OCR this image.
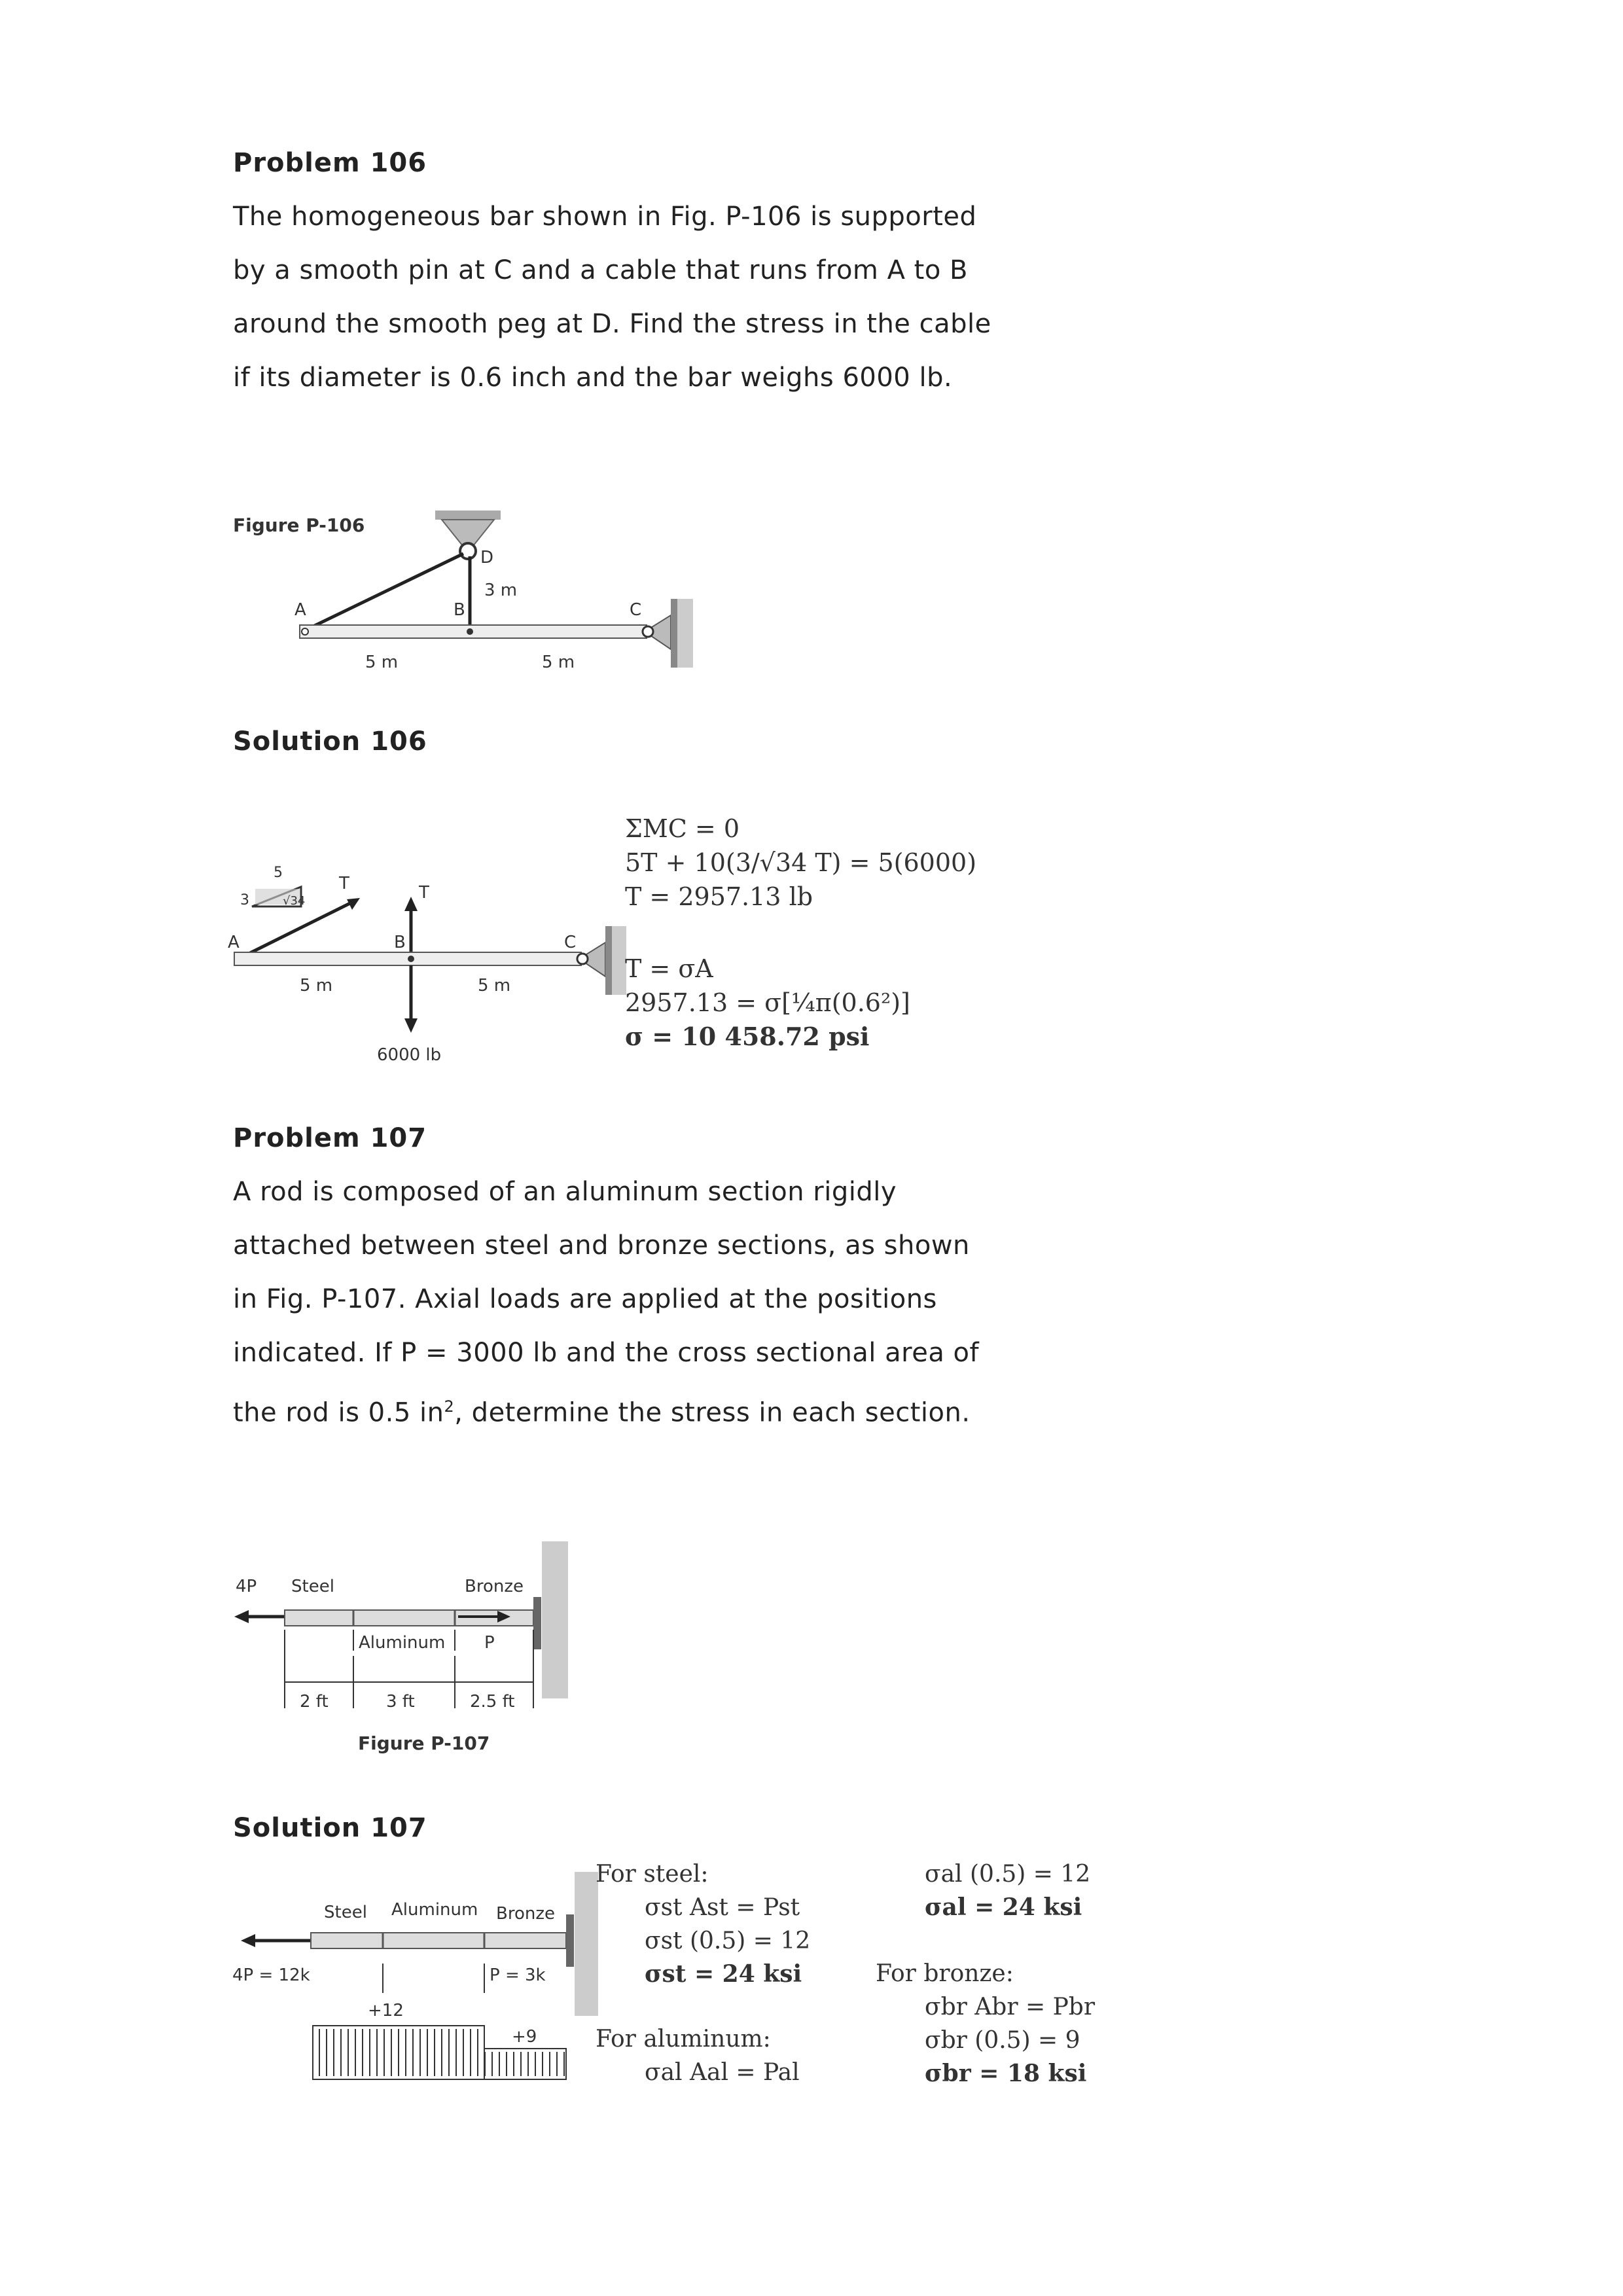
Problem 106
The homogeneous bar shown in Fig. P-106 is supported by a smooth pin at C and a cable that runs from A to B around the smooth peg at D. Find the stress in the cable if its diameter is 0.6 inch and the bar weighs 6000 lb.
Figure P-106
A	B	C
D
3 m
5 m	5 m
Solution 106
5
3	√34
T	T
A	B	C
5 m	5 m
6000 lb
ΣMC = 0
5T + 10(3/√34 T) = 5(6000)
T = 2957.13 lb
T = σA
2957.13 = σ[¼π(0.6²)]
σ = 10 458.72 psi
Problem 107
A rod is composed of an aluminum section rigidly attached between steel and bronze sections, as shown in Fig. P-107. Axial loads are applied at the positions indicated. If P = 3000 lb and the cross sectional area of the rod is 0.5 $in^2$, determine the stress in each section.
4P Steel	Bronze
Aluminum P
2 ft	3 ft	2.5 ft
Figure P-107
Solution 107
Steel Aluminum Bronze
4P = 12k	P = 3k
+12
+9
For steel:
σst Ast = Pst
σst (0.5) = 12
σst = 24 ksi
For aluminum:
σal Aal = Pal
σal (0.5) = 12
σal = 24 ksi
For bronze:
σbr Abr = Pbr
σbr (0.5) = 9
σbr = 18 ksi
